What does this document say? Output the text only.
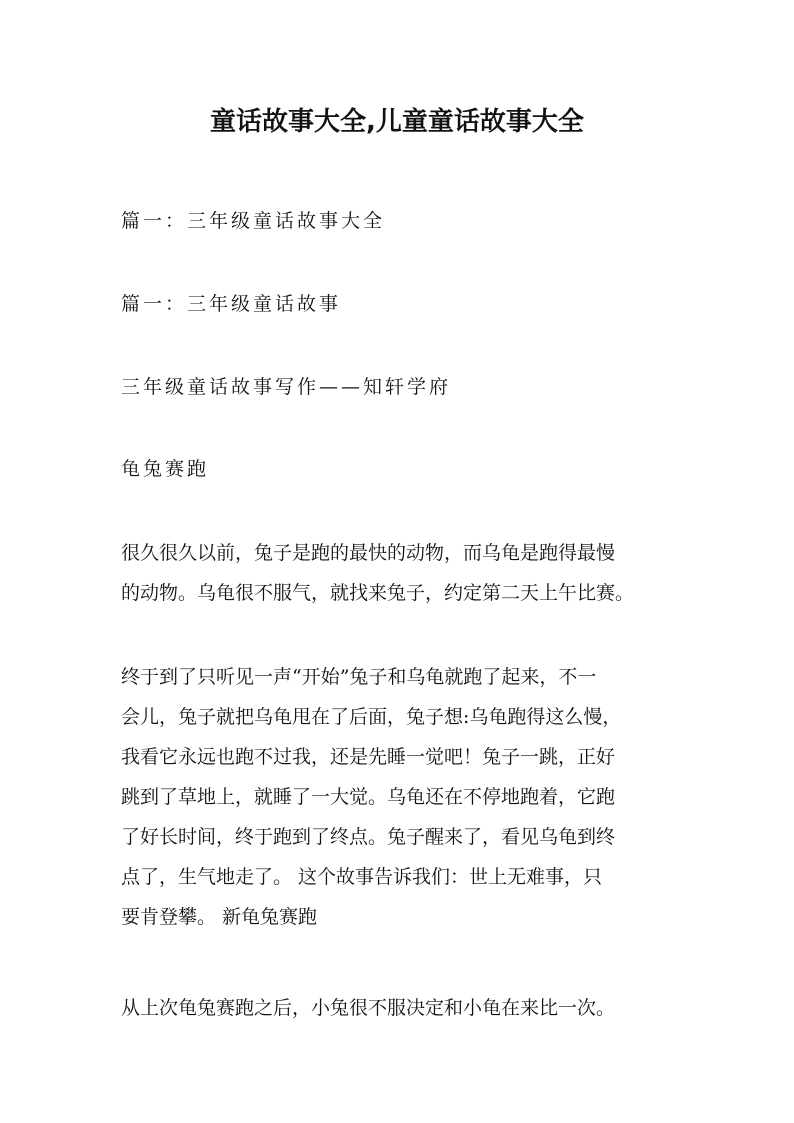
童话故事大全,儿童童话故事大全
篇一：三年级童话故事大全
篇一：三年级童话故事
三年级童话故事写作——知轩学府
龟兔赛跑
很久很久以前，兔子是跑的最快的动物，而乌龟是跑得最慢
的动物。乌龟很不服气，就找来兔子，约定第二天上午比赛。
终于到了只听见一声“开始”兔子和乌龟就跑了起来，不一
会儿，兔子就把乌龟甩在了后面，兔子想:乌龟跑得这么慢，
我看它永远也跑不过我，还是先睡一觉吧！兔子一跳，正好
跳到了草地上，就睡了一大觉。乌龟还在不停地跑着，它跑
了好长时间，终于跑到了终点。兔子醒来了，看见乌龟到终
点了，生气地走了。 这个故事告诉我们：世上无难事，只
要肯登攀。 新龟兔赛跑
从上次龟兔赛跑之后，小兔很不服决定和小龟在来比一次。
